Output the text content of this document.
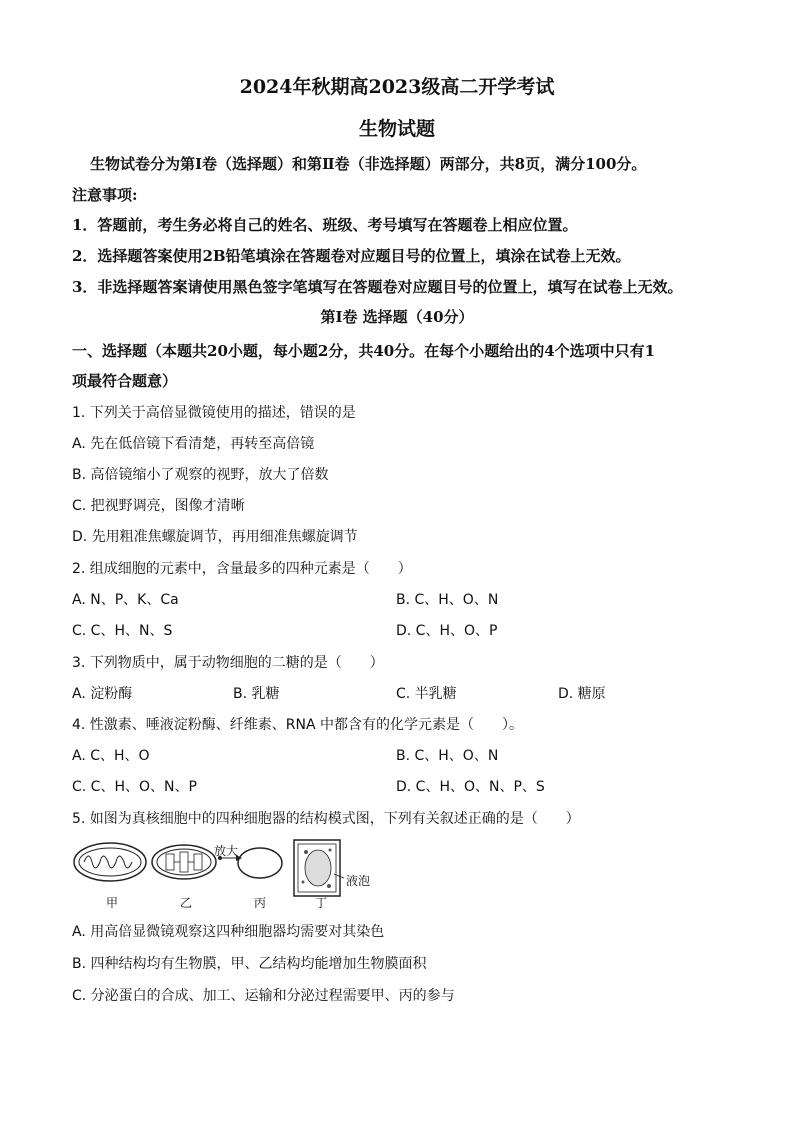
2024年秋期高2023级高二开学考试
生物试题
生物试卷分为第Ⅰ卷（选择题）和第Ⅱ卷（非选择题）两部分，共8页，满分100分。
注意事项:
1．答题前，考生务必将自己的姓名、班级、考号填写在答题卷上相应位置。
2．选择题答案使用2B铅笔填涂在答题卷对应题目号的位置上，填涂在试卷上无效。
3．非选择题答案请使用黑色签字笔填写在答题卷对应题目号的位置上，填写在试卷上无效。
第Ⅰ卷 选择题（40分）
一、选择题（本题共20小题，每小题2分，共40分。在每个小题给出的4个选项中只有1
项最符合题意）
1. 下列关于高倍显微镜使用的描述，错误的是
A. 先在低倍镜下看清楚，再转至高倍镜
B. 高倍镜缩小了观察的视野，放大了倍数
C. 把视野调亮，图像才清晰
D. 先用粗准焦螺旋调节，再用细准焦螺旋调节
2. 组成细胞的元素中，含量最多的四种元素是（　　）
A. N、P、K、Ca	B. C、H、O、N
C. C、H、N、S	D. C、H、O、P
3. 下列物质中，属于动物细胞的二糖的是（　　）
A. 淀粉酶	B. 乳糖	C. 半乳糖	D. 糖原
4. 性激素、唾液淀粉酶、纤维素、RNA 中都含有的化学元素是（　　）。
A. C、H、O	B. C、H、O、N
C. C、H、O、N、P	D. C、H、O、N、P、S
5. 如图为真核细胞中的四种细胞器的结构模式图，下列有关叙述正确的是（　　）
放大
液泡
甲	乙	丙	丁
A. 用高倍显微镜观察这四种细胞器均需要对其染色
B. 四种结构均有生物膜，甲、乙结构均能增加生物膜面积
C. 分泌蛋白的合成、加工、运输和分泌过程需要甲、丙的参与
